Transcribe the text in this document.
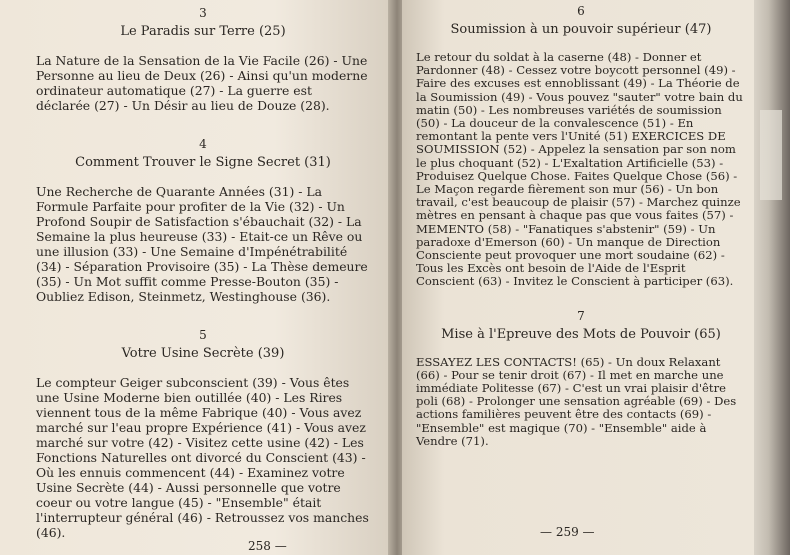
3
Le Paradis sur Terre (25)
La Nature de la Sensation de la Vie Facile (26) - Une Personne au lieu de Deux (26) - Ainsi qu'un moderne ordinateur automatique (27) - La guerre est déclarée (27) - Un Désir au lieu de Douze (28).
4
Comment Trouver le Signe Secret (31)
Une Recherche de Quarante Années (31) - La Formule Parfaite pour profiter de la Vie (32) - Un Profond Soupir de Satisfaction s'ébauchait (32) - La Semaine la plus heureuse (33) - Etait-ce un Rêve ou une illusion (33) - Une Semaine d'Impénétrabilité (34) - Séparation Provisoire (35) - La Thèse demeure (35) - Un Mot suffit comme Presse-Bouton (35) - Oubliez Edison, Steinmetz, Westinghouse (36).
5
Votre Usine Secrète (39)
Le compteur Geiger subconscient (39) - Vous êtes une Usine Moderne bien outillée (40) - Les Rires viennent tous de la même Fabrique (40) - Vous avez marché sur l'eau propre Expérience (41) - Vous avez marché sur votre (42) - Visitez cette usine (42) - Les Fonctions Naturelles ont divorcé du Conscient (43) - Où les ennuis commencent (44) - Examinez votre Usine Secrète (44) - Aussi personnelle que votre coeur ou votre langue (45) - "Ensemble" était l'interrupteur général (46) - Retroussez vos manches (46).
258 —
6
Soumission à un pouvoir supérieur (47)
Le retour du soldat à la caserne (48) - Donner et Pardonner (48) - Cessez votre boycott personnel (49) - Faire des excuses est ennoblissant (49) - La Théorie de la Soumission (49) - Vous pouvez "sauter" votre bain du matin (50) - Les nombreuses variétés de soumission (50) - La douceur de la convalescence (51) - En remontant la pente vers l'Unité (51) EXERCICES DE SOUMISSION (52) - Appelez la sensation par son nom le plus choquant (52) - L'Exaltation Artificielle (53) - Produisez Quelque Chose. Faites Quelque Chose (56) - Le Maçon regarde fièrement son mur (56) - Un bon travail, c'est beaucoup de plaisir (57) - Marchez quinze mètres en pensant à chaque pas que vous faites (57) - MEMENTO (58) - "Fanatiques s'abstenir" (59) - Un paradoxe d'Emerson (60) - Un manque de Direction Consciente peut provoquer une mort soudaine (62) - Tous les Excès ont besoin de l'Aide de l'Esprit Conscient (63) - Invitez le Conscient à participer (63).
7
Mise à l'Epreuve des Mots de Pouvoir (65)
ESSAYEZ LES CONTACTS! (65) - Un doux Relaxant (66) - Pour se tenir droit (67) - Il met en marche une immédiate Politesse (67) - C'est un vrai plaisir d'être poli (68) - Prolonger une sensation agréable (69) - Des actions familières peuvent être des contacts (69) - "Ensemble" est magique (70) - "Ensemble" aide à Vendre (71).
— 259 —
